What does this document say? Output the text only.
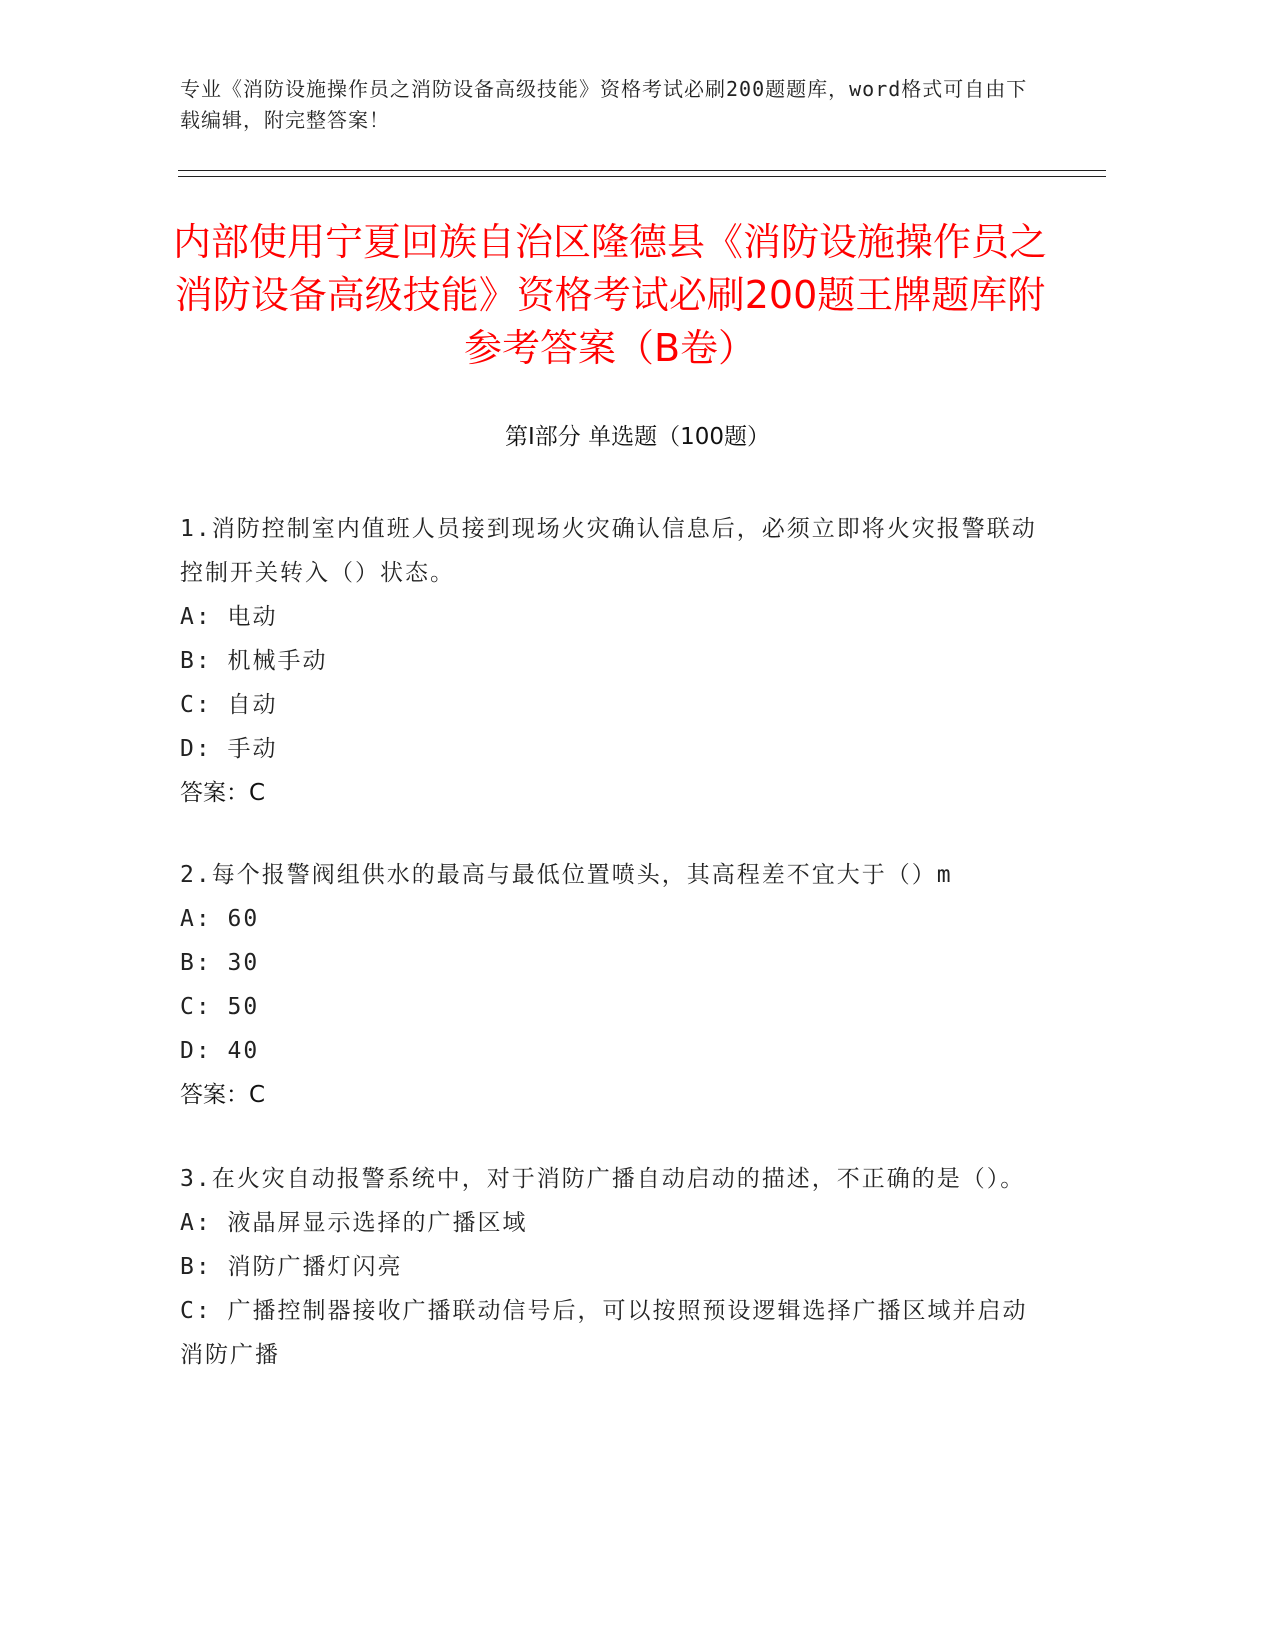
专业《消防设施操作员之消防设备高级技能》资格考试必刷200题题库，word格式可自由下载编辑，附完整答案！
内部使用宁夏回族自治区隆德县《消防设施操作员之消防设备高级技能》资格考试必刷200题王牌题库附参考答案（B卷）
第Ⅰ部分 单选题（100题）

1.消防控制室内值班人员接到现场火灾确认信息后，必须立即将火灾报警联动控制开关转入（）状态。

A: 电动

B: 机械手动

C: 自动

D: 手动

答案：C

2.每个报警阀组供水的最高与最低位置喷头，其高程差不宜大于（）m

A: 60

B: 30

C: 50

D: 40

答案：C

3.在火灾自动报警系统中，对于消防广播自动启动的描述，不正确的是（）。

A: 液晶屏显示选择的广播区域

B: 消防广播灯闪亮

C: 广播控制器接收广播联动信号后，可以按照预设逻辑选择广播区域并启动消防广播
